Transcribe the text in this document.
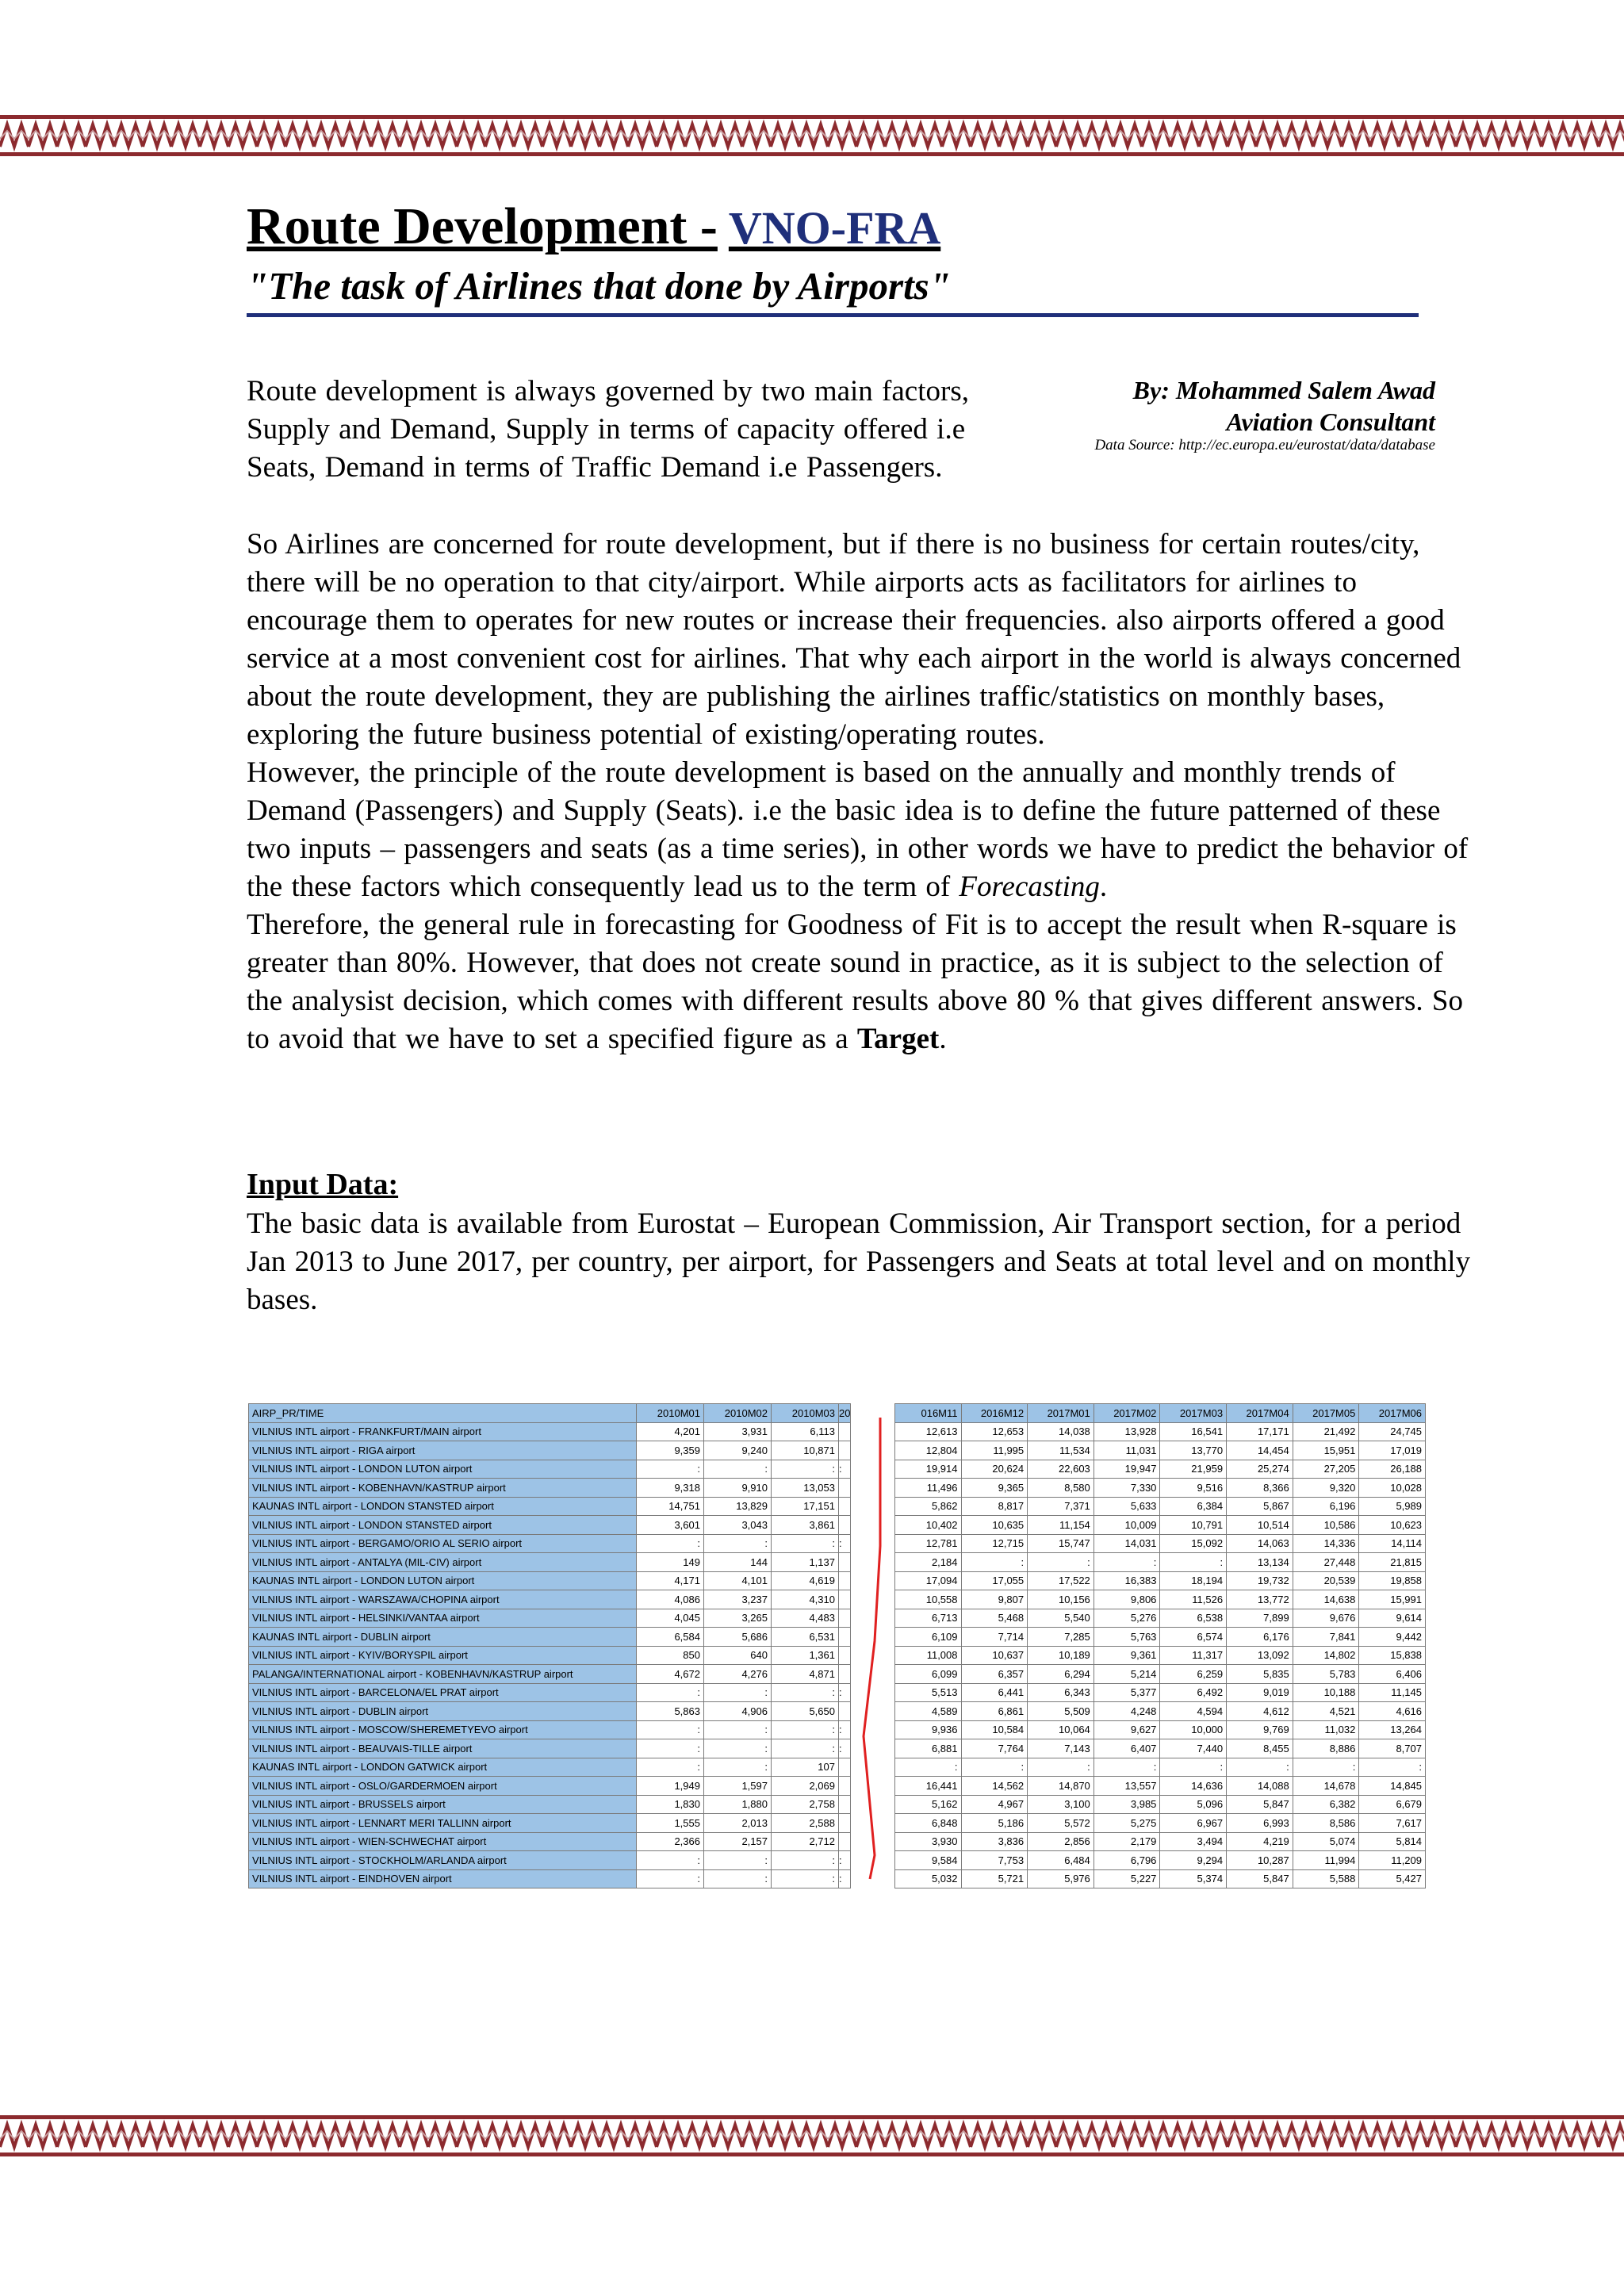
Route Development - VNO-FRA
"The task of Airlines that done by Airports"
By: Mohammed Salem Awad
Aviation Consultant
Data Source: http://ec.europa.eu/eurostat/data/database
Route development is always governed by two main factors, Supply and Demand, Supply in terms of capacity offered i.e Seats, Demand in terms of Traffic Demand i.e Passengers.
So Airlines are concerned for route development, but if there is no business for certain routes/city, there will be no operation to that city/airport. While airports acts as facilitators for airlines to encourage them to operates for new routes or increase their frequencies. also airports offered a good service at a most convenient cost for airlines. That why each airport in the world is always concerned about the route development, they are publishing the airlines traffic/statistics on monthly bases, exploring the future business potential of existing/operating routes.
However, the principle of the route development is based on the annually and monthly trends of Demand (Passengers) and Supply (Seats). i.e the basic idea is to define the future patterned of these two inputs – passengers and seats (as a time series), in other words we have to predict the behavior of the these factors which consequently lead us to the term of Forecasting.
Therefore, the general rule in forecasting for Goodness of Fit is to accept the result when R-square is greater than 80%. However, that does not create sound in practice, as it is subject to the selection of the analysist decision, which comes with different results above 80 % that gives different answers. So to avoid that we have to set a specified figure as a Target.
Input Data:
The basic data is available from Eurostat – European Commission, Air Transport section, for a period Jan 2013 to June 2017, per country, per airport, for Passengers and Seats at total level and on monthly bases.
AIRP_PR/TIME	2010M01	2010M02	2010M03	20
VILNIUS INTL airport - FRANKFURT/MAIN airport	4,201	3,931	6,113	
VILNIUS INTL airport - RIGA airport	9,359	9,240	10,871	
VILNIUS INTL airport - LONDON LUTON airport	:	:	:	:
VILNIUS INTL airport - KOBENHAVN/KASTRUP airport	9,318	9,910	13,053	
KAUNAS INTL airport - LONDON STANSTED airport	14,751	13,829	17,151	
VILNIUS INTL airport - LONDON STANSTED airport	3,601	3,043	3,861	
VILNIUS INTL airport - BERGAMO/ORIO AL SERIO airport	:	:	:	:
VILNIUS INTL airport - ANTALYA (MIL-CIV) airport	149	144	1,137	
KAUNAS INTL airport - LONDON LUTON airport	4,171	4,101	4,619	
VILNIUS INTL airport - WARSZAWA/CHOPINA airport	4,086	3,237	4,310	
VILNIUS INTL airport - HELSINKI/VANTAA airport	4,045	3,265	4,483	
KAUNAS INTL airport - DUBLIN airport	6,584	5,686	6,531	
VILNIUS INTL airport - KYIV/BORYSPIL airport	850	640	1,361	
PALANGA/INTERNATIONAL airport - KOBENHAVN/KASTRUP airport	4,672	4,276	4,871	
VILNIUS INTL airport - BARCELONA/EL PRAT airport	:	:	:	:
VILNIUS INTL airport - DUBLIN airport	5,863	4,906	5,650	
VILNIUS INTL airport - MOSCOW/SHEREMETYEVO airport	:	:	:	:
VILNIUS INTL airport - BEAUVAIS-TILLE airport	:	:	:	:
KAUNAS INTL airport - LONDON GATWICK airport	:	:	107	
VILNIUS INTL airport - OSLO/GARDERMOEN airport	1,949	1,597	2,069	
VILNIUS INTL airport - BRUSSELS airport	1,830	1,880	2,758	
VILNIUS INTL airport - LENNART MERI TALLINN airport	1,555	2,013	2,588	
VILNIUS INTL airport - WIEN-SCHWECHAT airport	2,366	2,157	2,712	
VILNIUS INTL airport - STOCKHOLM/ARLANDA airport	:	:	:	:
VILNIUS INTL airport - EINDHOVEN airport	:	:	:	:
016M11	2016M12	2017M01	2017M02	2017M03	2017M04	2017M05	2017M06
12,613	12,653	14,038	13,928	16,541	17,171	21,492	24,745
12,804	11,995	11,534	11,031	13,770	14,454	15,951	17,019
19,914	20,624	22,603	19,947	21,959	25,274	27,205	26,188
11,496	9,365	8,580	7,330	9,516	8,366	9,320	10,028
5,862	8,817	7,371	5,633	6,384	5,867	6,196	5,989
10,402	10,635	11,154	10,009	10,791	10,514	10,586	10,623
12,781	12,715	15,747	14,031	15,092	14,063	14,336	14,114
2,184	:	:	:	:	13,134	27,448	21,815
17,094	17,055	17,522	16,383	18,194	19,732	20,539	19,858
10,558	9,807	10,156	9,806	11,526	13,772	14,638	15,991
6,713	5,468	5,540	5,276	6,538	7,899	9,676	9,614
6,109	7,714	7,285	5,763	6,574	6,176	7,841	9,442
11,008	10,637	10,189	9,361	11,317	13,092	14,802	15,838
6,099	6,357	6,294	5,214	6,259	5,835	5,783	6,406
5,513	6,441	6,343	5,377	6,492	9,019	10,188	11,145
4,589	6,861	5,509	4,248	4,594	4,612	4,521	4,616
9,936	10,584	10,064	9,627	10,000	9,769	11,032	13,264
6,881	7,764	7,143	6,407	7,440	8,455	8,886	8,707
:	:	:	:	:	:	:	:
16,441	14,562	14,870	13,557	14,636	14,088	14,678	14,845
5,162	4,967	3,100	3,985	5,096	5,847	6,382	6,679
6,848	5,186	5,572	5,275	6,967	6,993	8,586	7,617
3,930	3,836	2,856	2,179	3,494	4,219	5,074	5,814
9,584	7,753	6,484	6,796	9,294	10,287	11,994	11,209
5,032	5,721	5,976	5,227	5,374	5,847	5,588	5,427
